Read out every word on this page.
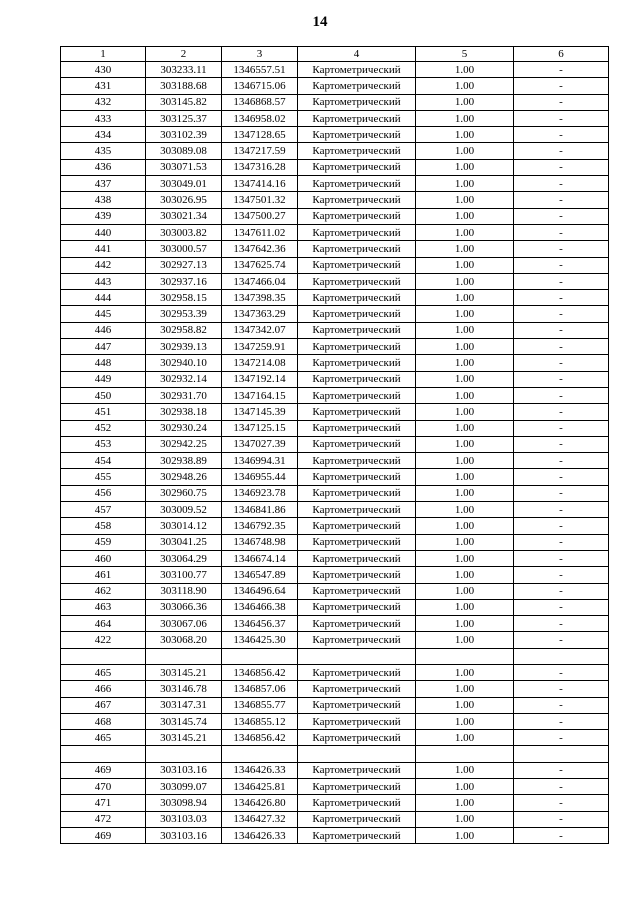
14
1	2	3	4	5	6
430	303233.11	1346557.51	Картометрический	1.00	-
431	303188.68	1346715.06	Картометрический	1.00	-
432	303145.82	1346868.57	Картометрический	1.00	-
433	303125.37	1346958.02	Картометрический	1.00	-
434	303102.39	1347128.65	Картометрический	1.00	-
435	303089.08	1347217.59	Картометрический	1.00	-
436	303071.53	1347316.28	Картометрический	1.00	-
437	303049.01	1347414.16	Картометрический	1.00	-
438	303026.95	1347501.32	Картометрический	1.00	-
439	303021.34	1347500.27	Картометрический	1.00	-
440	303003.82	1347611.02	Картометрический	1.00	-
441	303000.57	1347642.36	Картометрический	1.00	-
442	302927.13	1347625.74	Картометрический	1.00	-
443	302937.16	1347466.04	Картометрический	1.00	-
444	302958.15	1347398.35	Картометрический	1.00	-
445	302953.39	1347363.29	Картометрический	1.00	-
446	302958.82	1347342.07	Картометрический	1.00	-
447	302939.13	1347259.91	Картометрический	1.00	-
448	302940.10	1347214.08	Картометрический	1.00	-
449	302932.14	1347192.14	Картометрический	1.00	-
450	302931.70	1347164.15	Картометрический	1.00	-
451	302938.18	1347145.39	Картометрический	1.00	-
452	302930.24	1347125.15	Картометрический	1.00	-
453	302942.25	1347027.39	Картометрический	1.00	-
454	302938.89	1346994.31	Картометрический	1.00	-
455	302948.26	1346955.44	Картометрический	1.00	-
456	302960.75	1346923.78	Картометрический	1.00	-
457	303009.52	1346841.86	Картометрический	1.00	-
458	303014.12	1346792.35	Картометрический	1.00	-
459	303041.25	1346748.98	Картометрический	1.00	-
460	303064.29	1346674.14	Картометрический	1.00	-
461	303100.77	1346547.89	Картометрический	1.00	-
462	303118.90	1346496.64	Картометрический	1.00	-
463	303066.36	1346466.38	Картометрический	1.00	-
464	303067.06	1346456.37	Картометрический	1.00	-
422	303068.20	1346425.30	Картометрический	1.00	-

465	303145.21	1346856.42	Картометрический	1.00	-
466	303146.78	1346857.06	Картометрический	1.00	-
467	303147.31	1346855.77	Картометрический	1.00	-
468	303145.74	1346855.12	Картометрический	1.00	-
465	303145.21	1346856.42	Картометрический	1.00	-

469	303103.16	1346426.33	Картометрический	1.00	-
470	303099.07	1346425.81	Картометрический	1.00	-
471	303098.94	1346426.80	Картометрический	1.00	-
472	303103.03	1346427.32	Картометрический	1.00	-
469	303103.16	1346426.33	Картометрический	1.00	-
